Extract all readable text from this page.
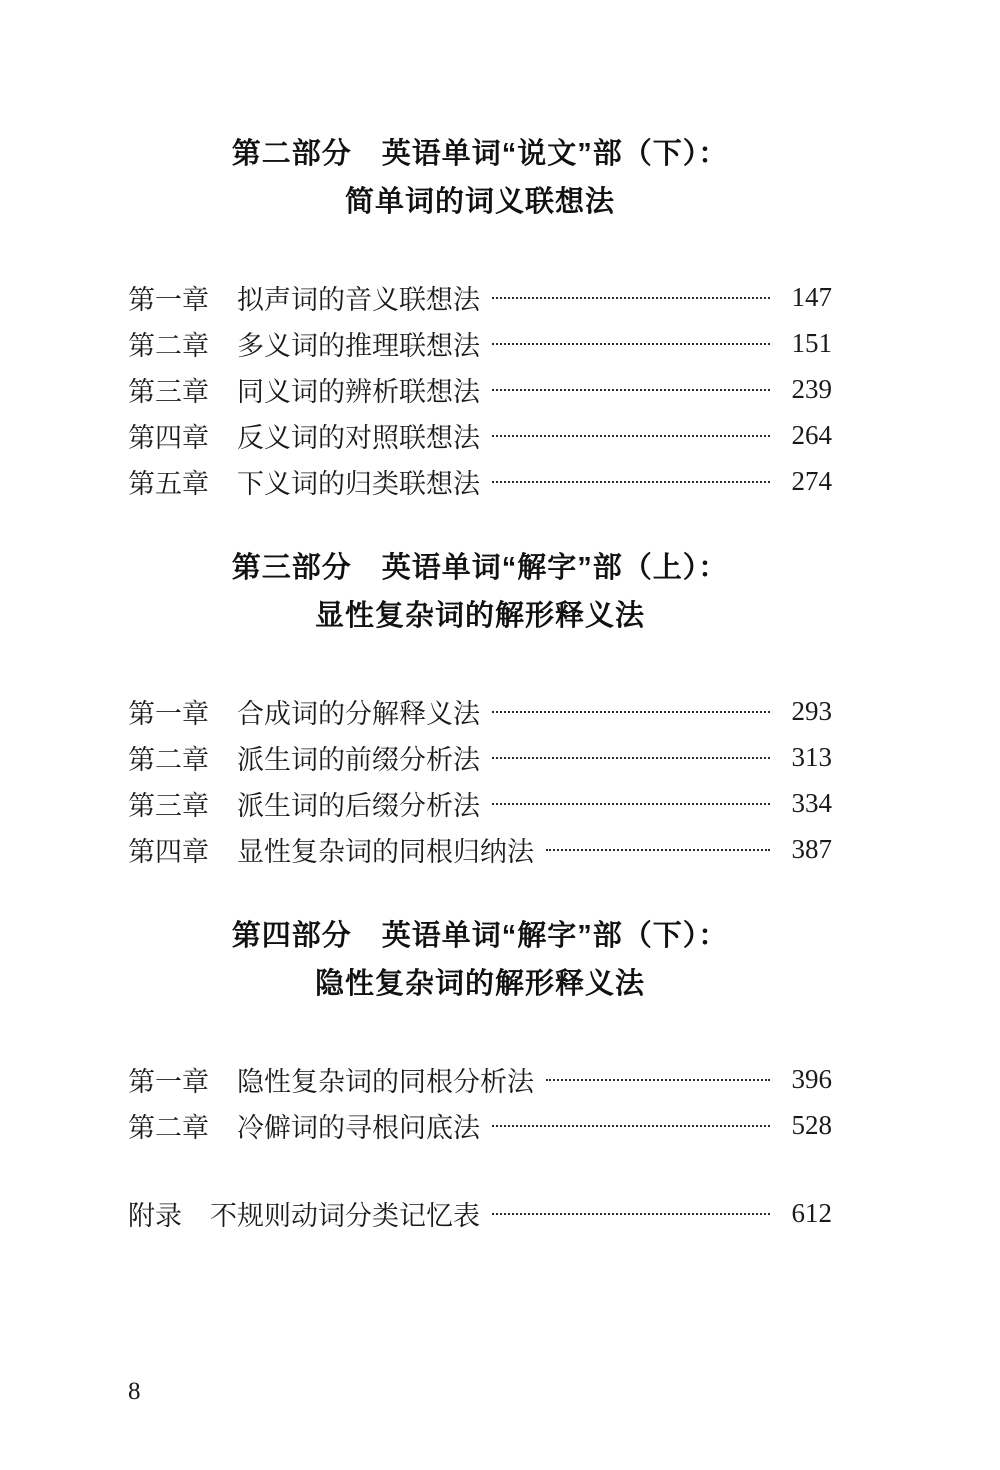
第二部分　英语单词“说文”部（下）：
简单词的词义联想法
第一章 拟声词的音义联想法	147
第二章 多义词的推理联想法	151
第三章 同义词的辨析联想法	239
第四章 反义词的对照联想法	264
第五章 下义词的归类联想法	274
第三部分　英语单词“解字”部（上）：
显性复杂词的解形释义法
第一章 合成词的分解释义法	293
第二章 派生词的前缀分析法	313
第三章 派生词的后缀分析法	334
第四章 显性复杂词的同根归纳法	387
第四部分　英语单词“解字”部（下）：
隐性复杂词的解形释义法
第一章 隐性复杂词的同根分析法	396
第二章 冷僻词的寻根问底法	528
附录 不规则动词分类记忆表	612
8
